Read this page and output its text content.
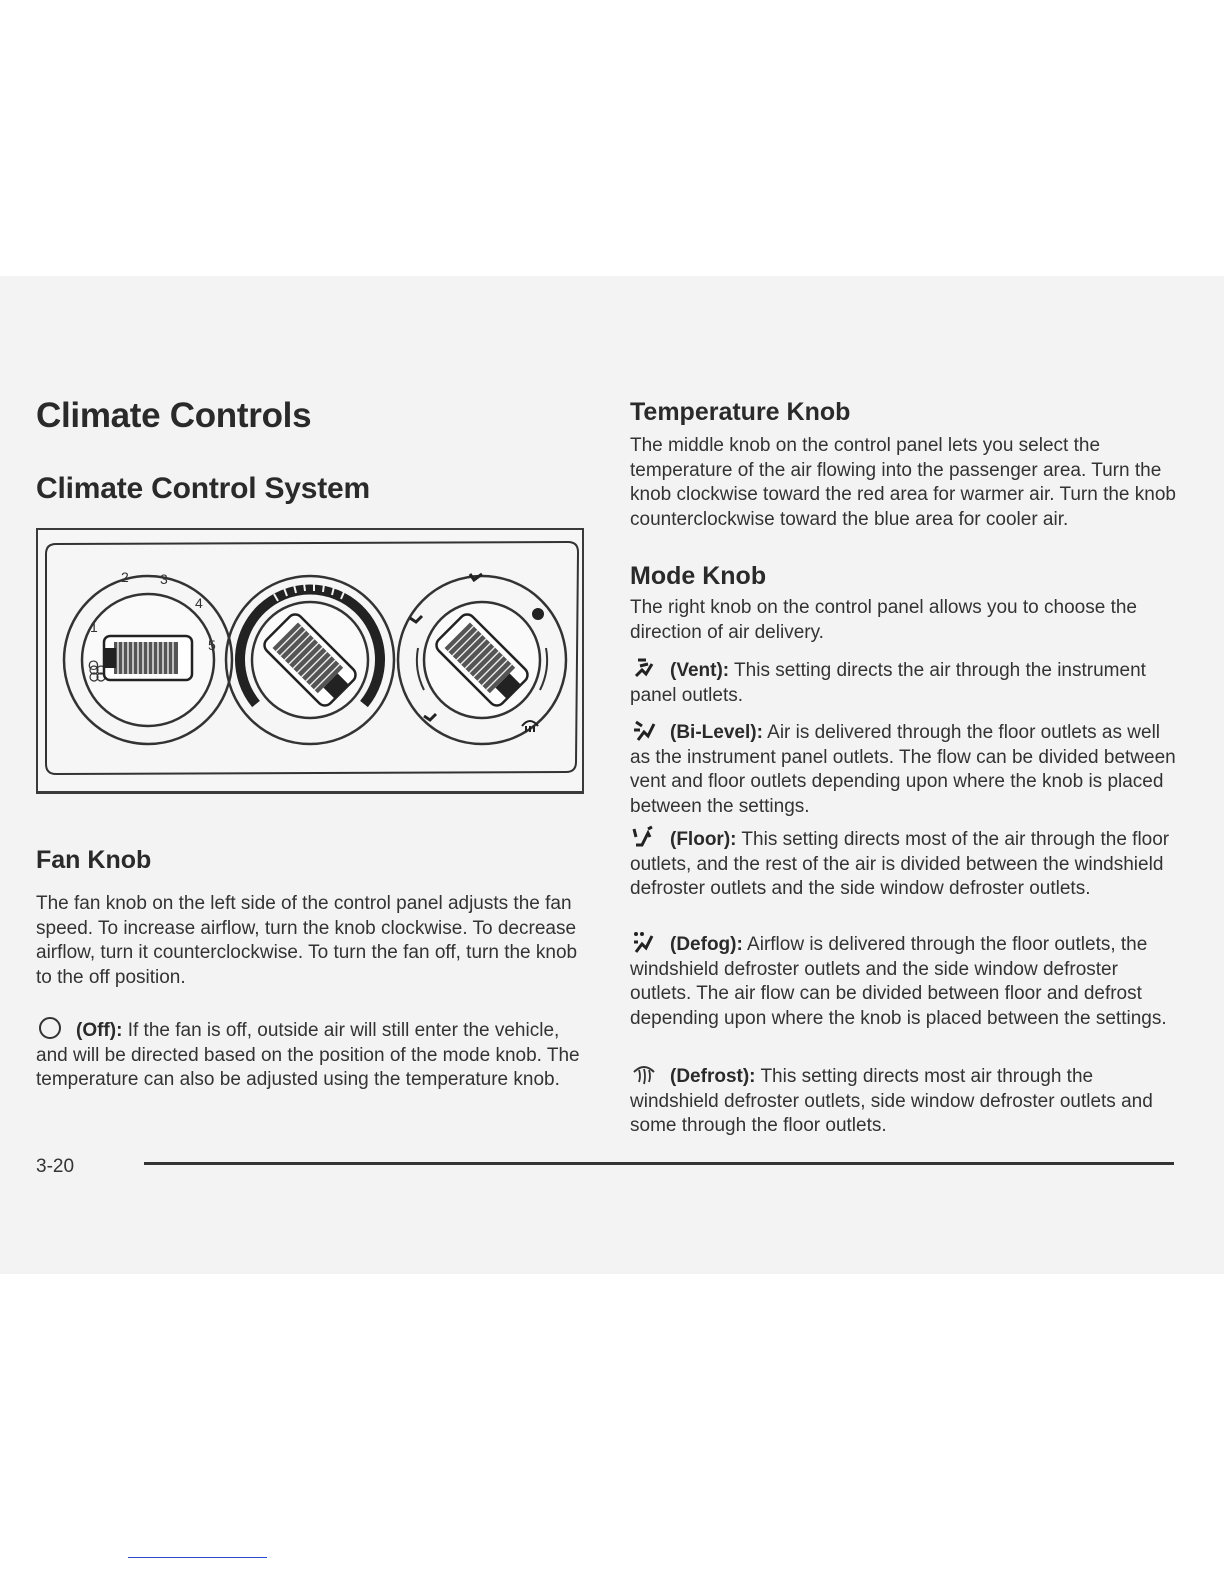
Climate Controls
Climate Control System
O
1
2 3
4
5
Fan Knob

The fan knob on the left side of the control panel adjusts the fan speed. To increase airflow, turn the knob clockwise. To decrease airflow, turn it counterclockwise. To turn the fan off, turn the knob to the off position.

(Off): If the fan is off, outside air will still enter the vehicle, and will be directed based on the position of the mode knob. The temperature can also be adjusted using the temperature knob.

Temperature Knob

The middle knob on the control panel lets you select the temperature of the air flowing into the passenger area. Turn the knob clockwise toward the red area for warmer air. Turn the knob counterclockwise toward the blue area for cooler air.

Mode Knob

The right knob on the control panel allows you to choose the direction of air delivery.

(Vent): This setting directs the air through the instrument panel outlets.

(Bi-Level): Air is delivered through the floor outlets as well as the instrument panel outlets. The flow can be divided between vent and floor outlets depending upon where the knob is placed between the settings.

(Floor): This setting directs most of the air through the floor outlets, and the rest of the air is divided between the windshield defroster outlets and the side window defroster outlets.

(Defog): Airflow is delivered through the floor outlets, the windshield defroster outlets and the side window defroster outlets. The air flow can be divided between floor and defrost depending upon where the knob is placed between the settings.

(Defrost): This setting directs most air through the windshield defroster outlets, side window defroster outlets and some through the floor outlets.

3-20
